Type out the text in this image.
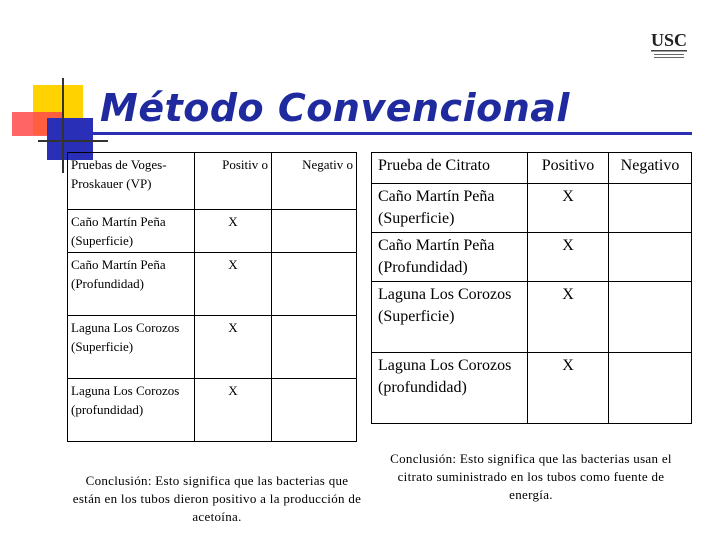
Método Convencional
USC
Pruebas de Voges-Proskauer (VP)	Positiv o	Negativ o
Caño Martín Peña (Superficie)	X	
Caño Martín Peña (Profundidad)	X	
Laguna Los Corozos (Superficie)	X	
Laguna Los Corozos (profundidad)	X	
Conclusión: Esto significa que las bacterias que están en los tubos dieron positivo a la producción de acetoína.
Prueba de Citrato	Positivo	Negativo
Caño Martín Peña (Superficie)	X	
Caño Martín Peña (Profundidad)	X	
Laguna Los Corozos (Superficie)	X	
Laguna Los Corozos (profundidad)	X	
Conclusión: Esto significa que las bacterias usan el citrato suministrado en los tubos como fuente de energía.
